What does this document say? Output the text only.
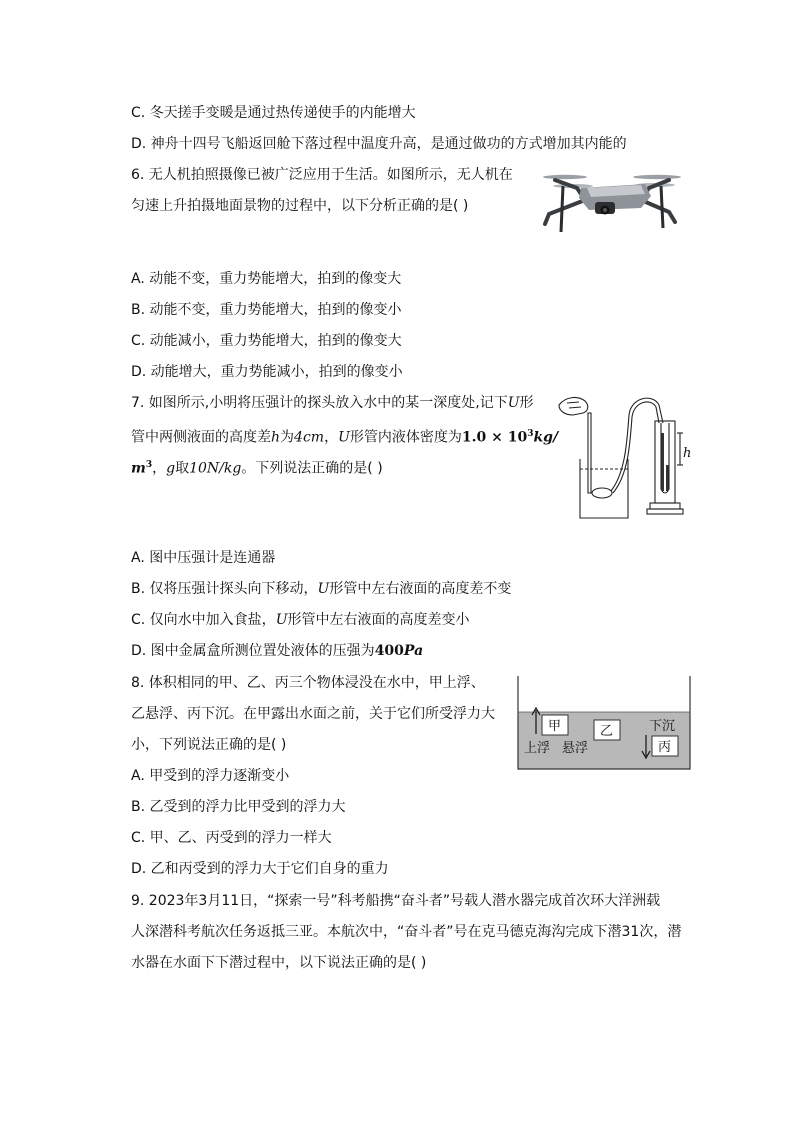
C. 冬天搓手变暖是通过热传递使手的内能增大
D. 神舟十四号飞船返回舱下落过程中温度升高，是通过做功的方式增加其内能的
6. 无人机拍照摄像已被广泛应用于生活。如图所示，无人机在
匀速上升拍摄地面景物的过程中，以下分析正确的是( )
A. 动能不变，重力势能增大，拍到的像变大
B. 动能不变，重力势能增大，拍到的像变小
C. 动能减小，重力势能增大，拍到的像变大
D. 动能增大，重力势能减小，拍到的像变小
7. 如图所示,小明将压强计的探头放入水中的某一深度处,记下U形
管中两侧液面的高度差h为4cm，U形管内液体密度为$1.0 \times 10^3kg/$
$m^3$，g取10N/kg。下列说法正确的是( )
h
A. 图中压强计是连通器
B. 仅将压强计探头向下移动，U形管中左右液面的高度差不变
C. 仅向水中加入食盐，U形管中左右液面的高度差变小
D. 图中金属盒所测位置处液体的压强为400Pa
8. 体积相同的甲、乙、丙三个物体浸没在水中，甲上浮、
乙悬浮、丙下沉。在甲露出水面之前，关于它们所受浮力大
小，下列说法正确的是( )
甲	乙
丙
上浮 悬浮
下沉
A. 甲受到的浮力逐渐变小
B. 乙受到的浮力比甲受到的浮力大
C. 甲、乙、丙受到的浮力一样大
D. 乙和丙受到的浮力大于它们自身的重力
9. 2023年3月11日，“探索一号”科考船携“奋斗者”号载人潜水器完成首次环大洋洲载
人深潜科考航次任务返抵三亚。本航次中，“奋斗者”号在克马德克海沟完成下潜31次，潜
水器在水面下下潜过程中，以下说法正确的是( )
